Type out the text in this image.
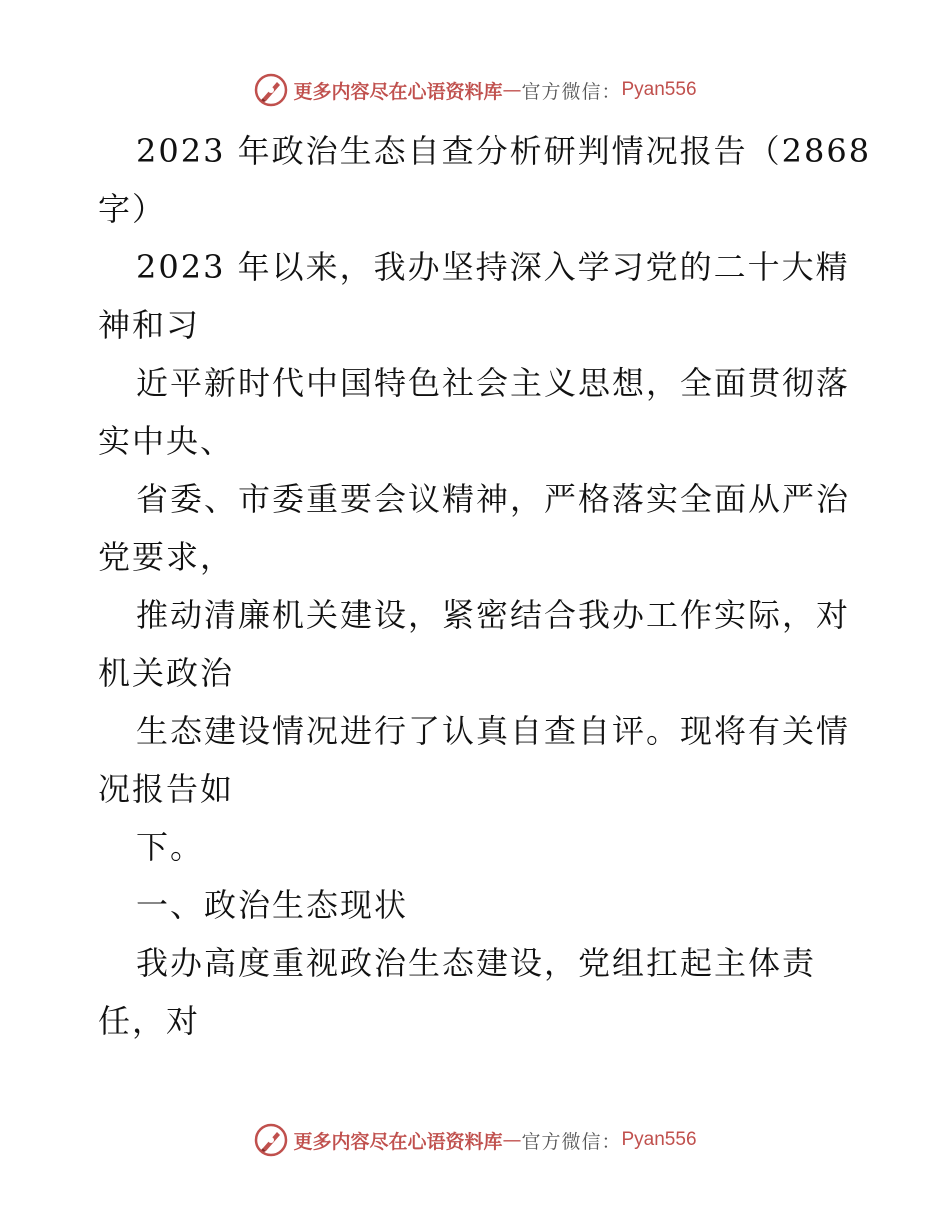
更多内容尽在心语资料库 — 官方微信： Pyan556
2023 年政治生态自查分析研判情况报告（2868
字）
2023 年以来，我办坚持深入学习党的二十大精
神和习
近平新时代中国特色社会主义思想，全面贯彻落
实中央、
省委、市委重要会议精神，严格落实全面从严治
党要求，
推动清廉机关建设，紧密结合我办工作实际，对
机关政治
生态建设情况进行了认真自查自评。现将有关情
况报告如
下。
一、政治生态现状
我办高度重视政治生态建设，党组扛起主体责
任，对
更多内容尽在心语资料库 — 官方微信： Pyan556
